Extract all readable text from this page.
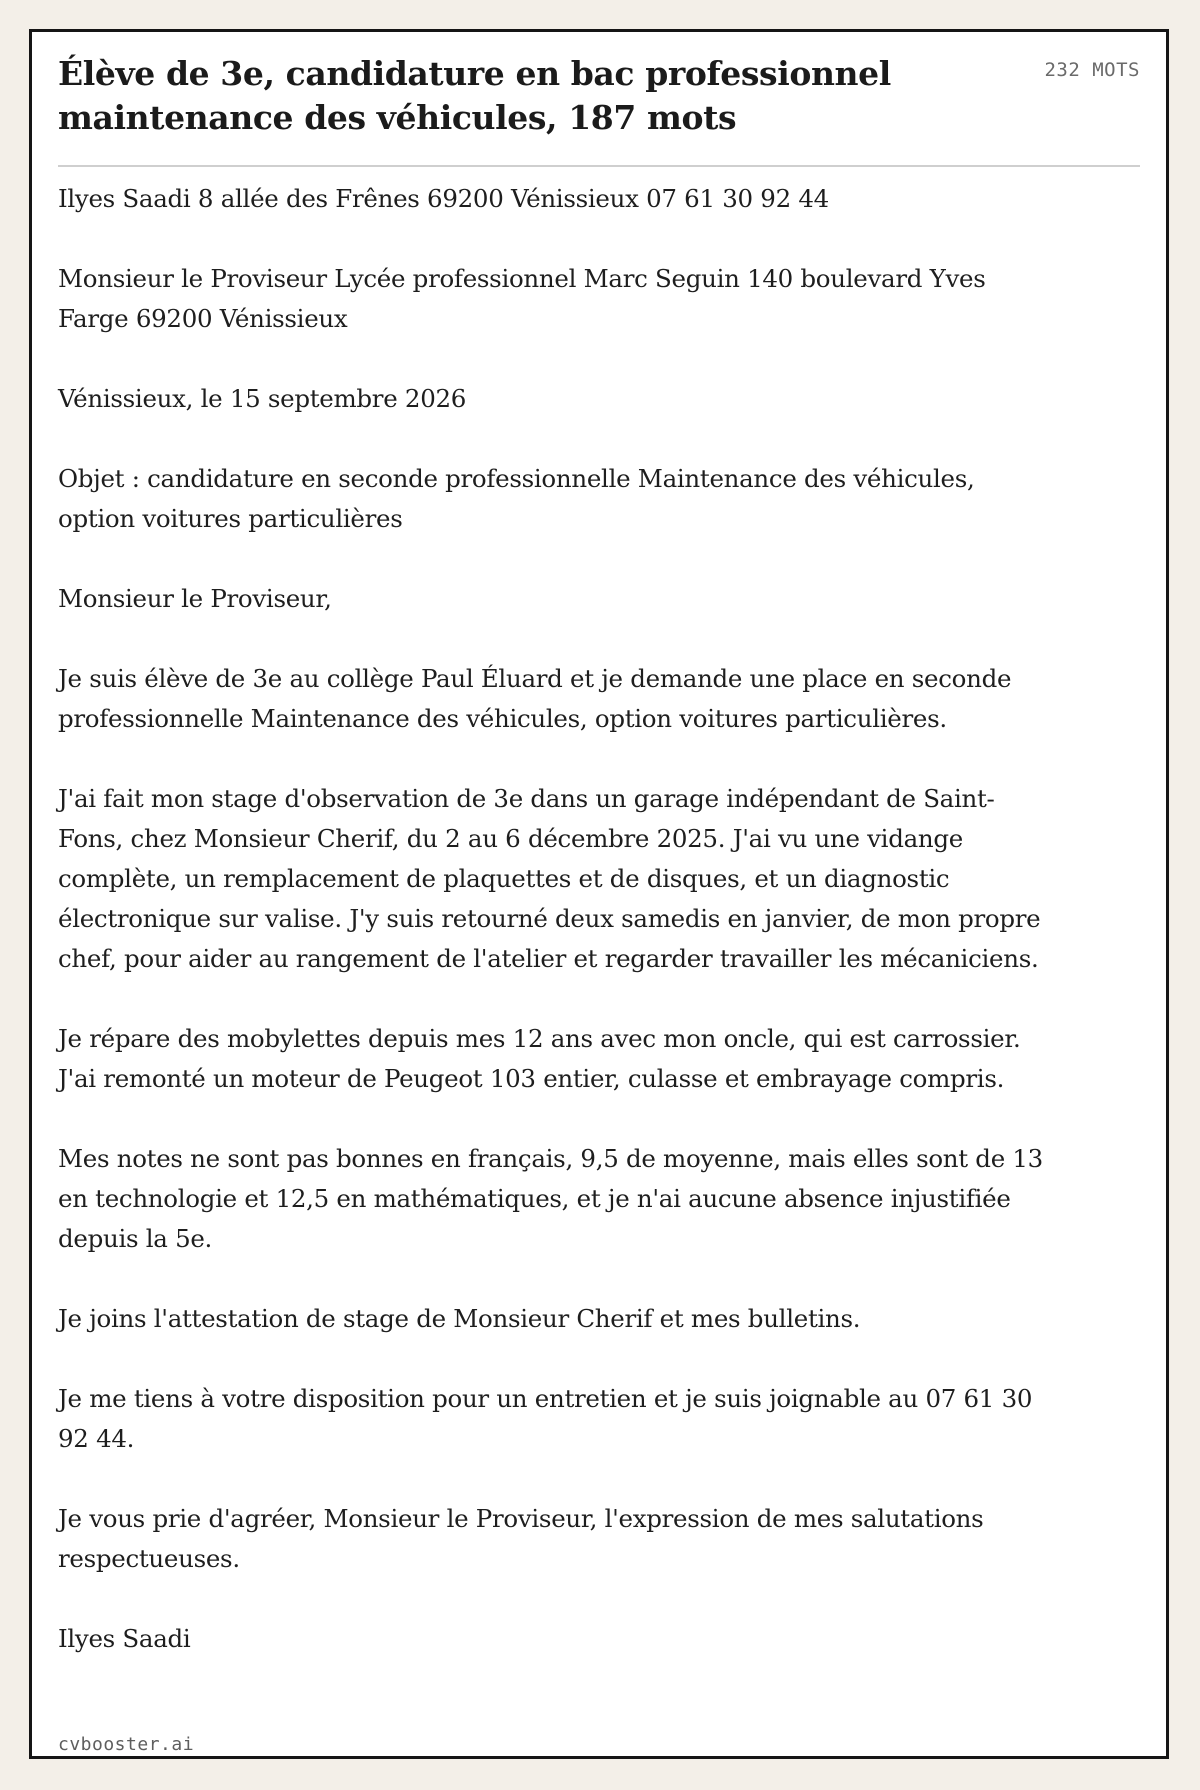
Élève de 3e, candidature en bac professionnel maintenance des véhicules, 187 mots
232 MOTS

Ilyes Saadi 8 allée des Frênes 69200 Vénissieux 07 61 30 92 44

Monsieur le Proviseur Lycée professionnel Marc Seguin 140 boulevard Yves Farge 69200 Vénissieux

Vénissieux, le 15 septembre 2026

Objet : candidature en seconde professionnelle Maintenance des véhicules, option voitures particulières

Monsieur le Proviseur,

Je suis élève de 3e au collège Paul Éluard et je demande une place en seconde professionnelle Maintenance des véhicules, option voitures particulières.

J'ai fait mon stage d'observation de 3e dans un garage indépendant de Saint-Fons, chez Monsieur Cherif, du 2 au 6 décembre 2025. J'ai vu une vidange complète, un remplacement de plaquettes et de disques, et un diagnostic électronique sur valise. J'y suis retourné deux samedis en janvier, de mon propre chef, pour aider au rangement de l'atelier et regarder travailler les mécaniciens.

Je répare des mobylettes depuis mes 12 ans avec mon oncle, qui est carrossier. J'ai remonté un moteur de Peugeot 103 entier, culasse et embrayage compris.

Mes notes ne sont pas bonnes en français, 9,5 de moyenne, mais elles sont de 13 en technologie et 12,5 en mathématiques, et je n'ai aucune absence injustifiée depuis la 5e.

Je joins l'attestation de stage de Monsieur Cherif et mes bulletins.

Je me tiens à votre disposition pour un entretien et je suis joignable au 07 61 30 92 44.

Je vous prie d'agréer, Monsieur le Proviseur, l'expression de mes salutations respectueuses.

Ilyes Saadi

cvbooster.ai
